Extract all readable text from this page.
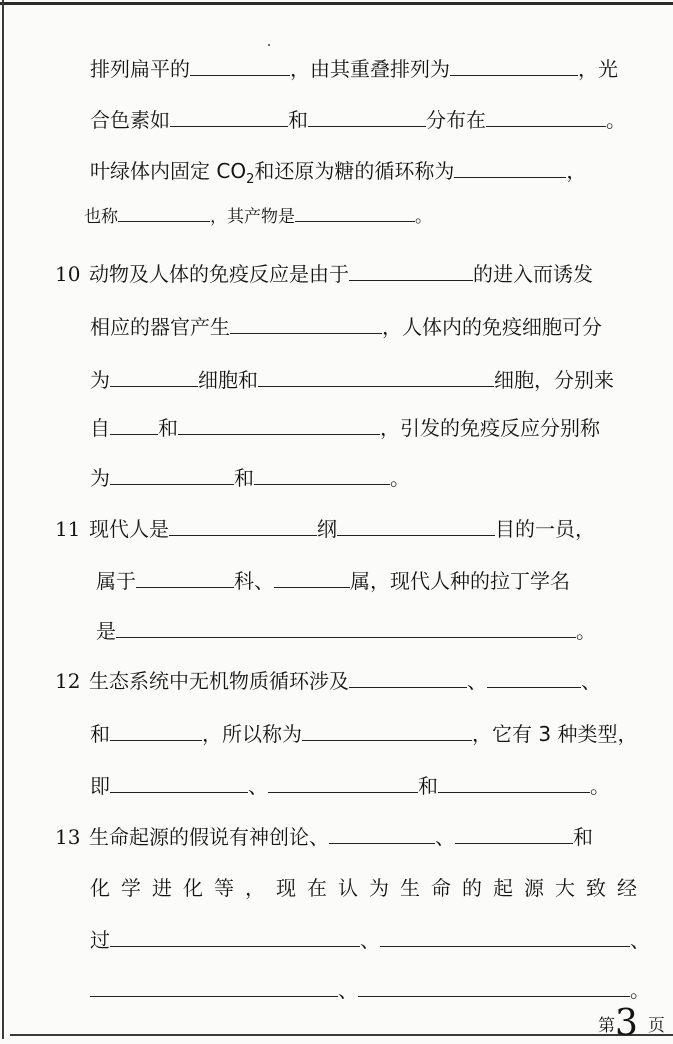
排列扁平的	，由其重叠排列为	，光
合色素如	和	分布在	。
叶绿体内固定 $CO_2$和还原为糖的循环称为	，
也称	，其产物是	。
10 动物及人体的免疫反应是由于	的进入而诱发
相应的器官产生	，人体内的免疫细胞可分
为	细胞和	细胞，分别来
自 和	，引发的免疫反应分别称
为	和	。
11 现代人是	纲	目的一员，
属于	科、	属，现代人种的拉丁学名
是	。
12 生态系统中无机物质循环涉及	、	、
和	，所以称为	，它有 3 种类型，
即	、	和	。
13 生命起源的假说有神创论、	、	和
化学进化等，现在认为生命的起源大致经
过	、	、
、	。
第3 页
